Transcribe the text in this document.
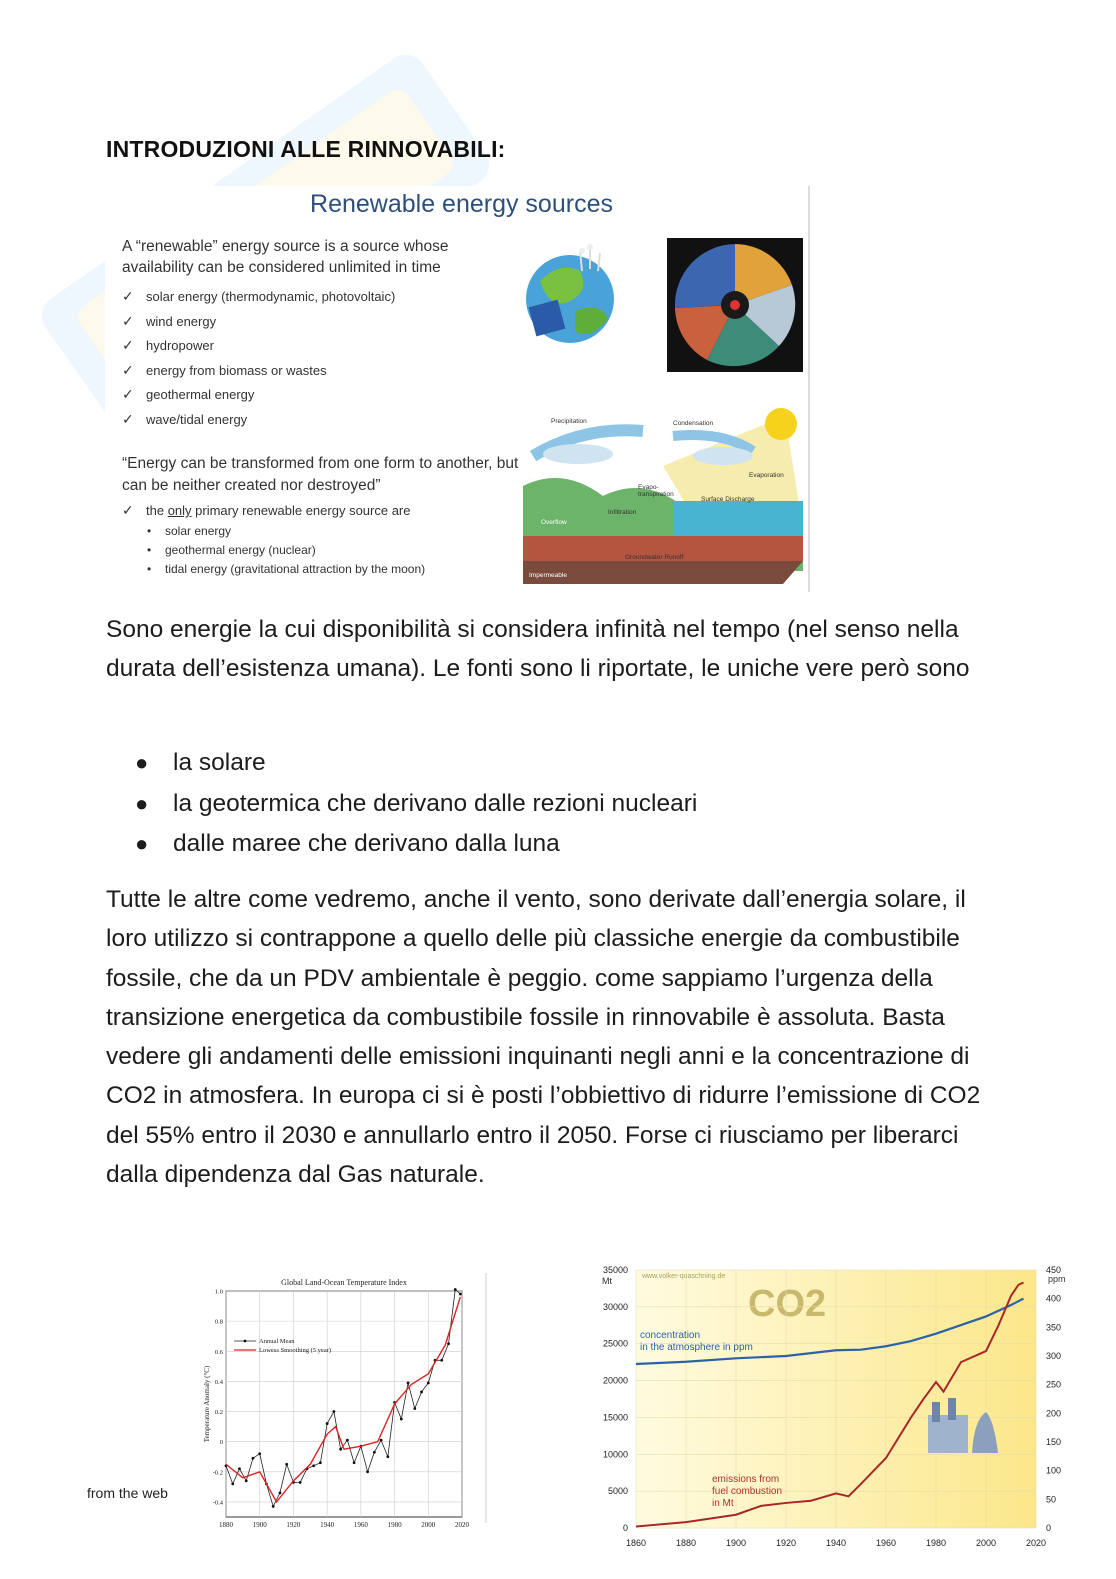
INTRODUZIONI ALLE RINNOVABILI:
Renewable energy sources
A “renewable” energy source is a source whose availability can be considered unlimited in time
✓ solar energy (thermodynamic, photovoltaic)
✓ wind energy
✓ hydropower
✓ energy from biomass or wastes
✓ geothermal energy
✓ wave/tidal energy
“Energy can be transformed from one form to another, but can be neither created nor destroyed”
✓ the only primary renewable energy source are
• solar energy
• geothermal energy (nuclear)
• tidal energy (gravitational attraction by the moon)
Precipitation	Condensation
Evaporation
Evapo-transpiration
Surface Discharge
Infiltration
Overflow
Groundwater Runoff
Impermeable
Sono energie la cui disponibilità si considera infinità nel tempo (nel senso nella durata dell’esistenza umana). Le fonti sono li riportate, le uniche vere però sono
● la solare
● la geotermica che derivano dalle rezioni nucleari
● dalle maree che derivano dalla luna
Tutte le altre come vedremo, anche il vento, sono derivate dall’energia solare, il loro utilizzo si contrappone a quello delle più classiche energie da combustibile fossile, che da un PDV ambientale è peggio. come sappiamo l’urgenza della transizione energetica da combustibile fossile in rinnovabile è assoluta. Basta vedere gli andamenti delle emissioni inquinanti negli anni e la concentrazione di CO2 in atmosfera. In europa ci si è posti l’obbiettivo di ridurre l’emissione di CO2 del 55% entro il 2030 e annullarlo entro il 2050. Forse ci riusciamo per liberarci dalla dipendenza dal Gas naturale.
from the web
Global Land-Ocean Temperature Index
Temperature Anomaly (°C)
1880	1900	1920	1940	1960	1980	2000	2020
-0.4
-0.2
0
0.2
0.4
0.6
0.8
1.0
Annual Mean
Lowess Smoothing (5 year)
www.volker-quaschning.de
CO2
1860	1880	1900	1920	1940	1960	1980	2000	2020
0
5000
10000
15000
20000
25000
30000
35000
0
50
100
150
200
250
300
350
400
450
Mt	ppm
concentration
in the atmosphere in ppm
emissions from
fuel combustion
in Mt
